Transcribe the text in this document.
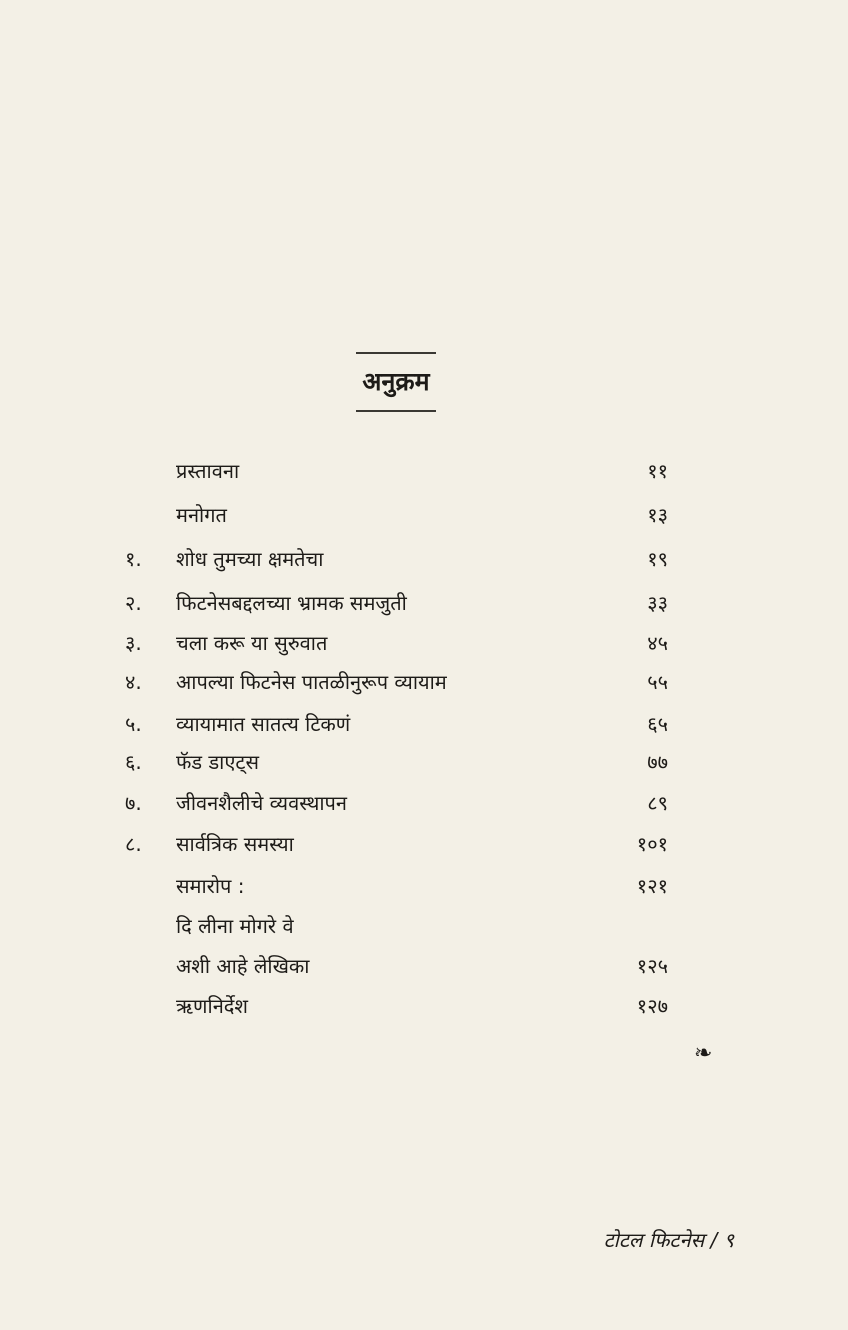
अनुक्रम
प्रस्तावना	११
मनोगत	१३
१.	शोध तुमच्या क्षमतेचा	१९
२.	फिटनेसबद्दलच्या भ्रामक समजुती	३३
३.	चला करू या सुरुवात	४५
४.	आपल्या फिटनेस पातळीनुरूप व्यायाम	५५
५.	व्यायामात सातत्य टिकणं	६५
६.	फॅड डाएट्स	७७
७.	जीवनशैलीचे व्यवस्थापन	८९
८.	सार्वत्रिक समस्या	१०१
समारोप :	१२१
दि लीना मोगरे वे
अशी आहे लेखिका	१२५
ऋणनिर्देश	१२७
❧
टोटल फिटनेस / ९
